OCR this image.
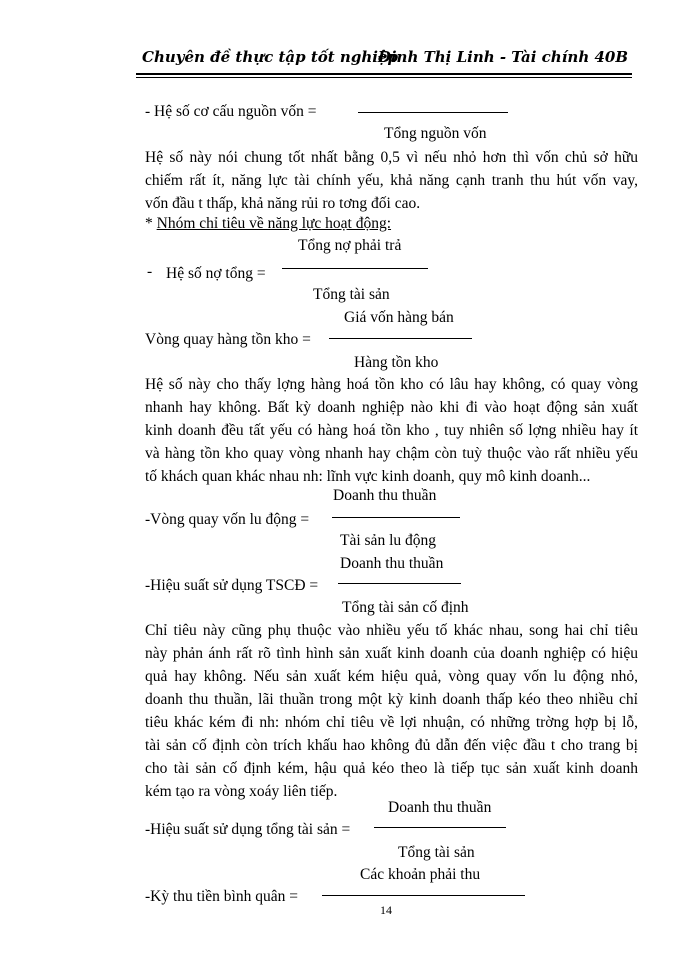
Chuyên đề thực tập tốt nghiệp
Đinh Thị Linh - Tài chính 40B
- Hệ số cơ cấu nguồn vốn =
Tổng nguồn vốn
Hệ số này nói chung tốt nhất bằng 0,5 vì nếu nhỏ hơn thì vốn chủ sở hữu
chiếm rất ít, năng lực tài chính yếu, khả năng cạnh tranh thu hút vốn vay,
vốn đầu t thấp, khả năng rủi ro tơng đối cao.
* Nhóm chỉ tiêu về năng lực hoạt động:
Tổng nợ phải trả
- Hệ số nợ tổng =
Tổng tài sản
Giá vốn hàng bán
Vòng quay hàng tồn kho =
Hàng tồn kho
Hệ số này cho thấy lợng hàng hoá tồn kho có lâu hay không, có quay vòng
nhanh hay không. Bất kỳ doanh nghiệp nào khi đi vào hoạt động sản xuất
kinh doanh đều tất yếu có hàng hoá tồn kho , tuy nhiên số lợng nhiều hay ít
và hàng tồn kho quay vòng nhanh hay chậm còn tuỳ thuộc vào rất nhiều yếu
tố khách quan khác nhau nh: lĩnh vực kinh doanh, quy mô kinh doanh...
Doanh thu thuần
-Vòng quay vốn lu động =
Tài sản lu động
Doanh thu thuần
-Hiệu suất sử dụng TSCĐ =
Tổng tài sản cố định
Chỉ tiêu này cũng phụ thuộc vào nhiều yếu tố khác nhau, song hai chỉ tiêu
này phản ánh rất rõ tình hình sản xuất kinh doanh của doanh nghiệp có hiệu
quả hay không. Nếu sản xuất kém hiệu quả, vòng quay vốn lu động nhỏ,
doanh thu thuần, lãi thuần trong một kỳ kinh doanh thấp kéo theo nhiều chỉ
tiêu khác kém đi nh: nhóm chỉ tiêu về lợi nhuận, có những trờng hợp bị lỗ,
tài sản cố định còn trích khấu hao không đủ dẫn đến việc đầu t cho trang bị
cho tài sản cố định kém, hậu quả kéo theo là tiếp tục sản xuất kinh doanh
kém tạo ra vòng xoáy liên tiếp.
Doanh thu thuần
-Hiệu suất sử dụng tổng tài sản =
Tổng tài sản
Các khoản phải thu
-Kỳ thu tiền bình quân =
14
